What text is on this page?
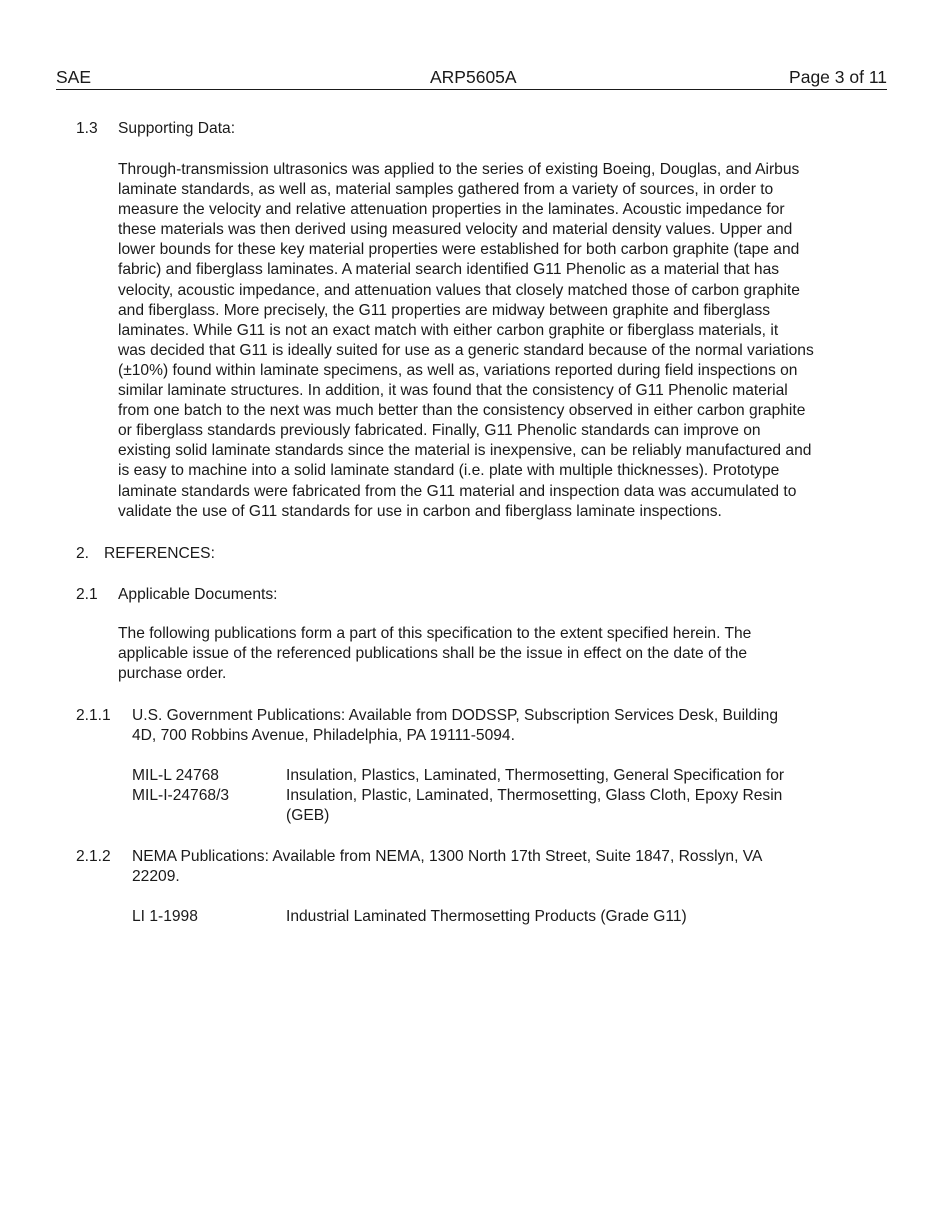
SAE	ARP5605A	Page 3 of 11
1.3 Supporting Data:
Through-transmission ultrasonics was applied to the series of existing Boeing, Douglas, and Airbus
laminate standards, as well as, material samples gathered from a variety of sources, in order to
measure the velocity and relative attenuation properties in the laminates. Acoustic impedance for
these materials was then derived using measured velocity and material density values. Upper and
lower bounds for these key material properties were established for both carbon graphite (tape and
fabric) and fiberglass laminates. A material search identified G11 Phenolic as a material that has
velocity, acoustic impedance, and attenuation values that closely matched those of carbon graphite
and fiberglass. More precisely, the G11 properties are midway between graphite and fiberglass
laminates. While G11 is not an exact match with either carbon graphite or fiberglass materials, it
was decided that G11 is ideally suited for use as a generic standard because of the normal variations
(±10%) found within laminate specimens, as well as, variations reported during field inspections on
similar laminate structures. In addition, it was found that the consistency of G11 Phenolic material
from one batch to the next was much better than the consistency observed in either carbon graphite
or fiberglass standards previously fabricated. Finally, G11 Phenolic standards can improve on
existing solid laminate standards since the material is inexpensive, can be reliably manufactured and
is easy to machine into a solid laminate standard (i.e. plate with multiple thicknesses). Prototype
laminate standards were fabricated from the G11 material and inspection data was accumulated to
validate the use of G11 standards for use in carbon and fiberglass laminate inspections.
2. REFERENCES:
2.1 Applicable Documents:
The following publications form a part of this specification to the extent specified herein. The
applicable issue of the referenced publications shall be the issue in effect on the date of the
purchase order.
2.1.1 U.S. Government Publications: Available from DODSSP, Subscription Services Desk, Building
4D, 700 Robbins Avenue, Philadelphia, PA 19111-5094.
MIL-L 24768	Insulation, Plastics, Laminated, Thermosetting, General Specification for
MIL-I-24768/3	Insulation, Plastic, Laminated, Thermosetting, Glass Cloth, Epoxy Resin
(GEB)
2.1.2 NEMA Publications: Available from NEMA, 1300 North 17th Street, Suite 1847, Rosslyn, VA
22209.
LI 1-1998	Industrial Laminated Thermosetting Products (Grade G11)
